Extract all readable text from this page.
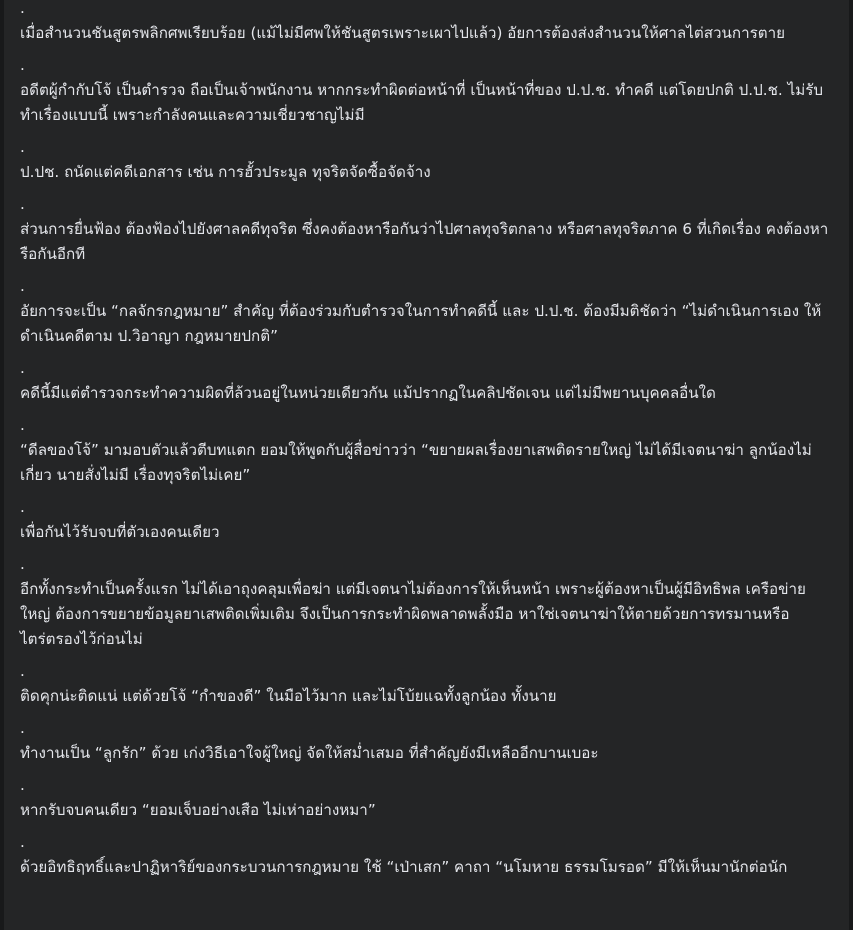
.
เมื่อสำนวนชันสูตรพลิกศพเรียบร้อย (แม้ไม่มีศพให้ชันสูตรเพราะเผาไปแล้ว) อัยการต้องส่งสำนวนให้ศาลไต่สวนการตาย
.
อดีตผู้กำกับโจ้ เป็นตำรวจ ถือเป็นเจ้าพนักงาน หากกระทำผิดต่อหน้าที่ เป็นหน้าที่ของ ป.ป.ช. ทำคดี แต่โดยปกติ ป.ป.ช. ไม่รับทำเรื่องแบบนี้ เพราะกำลังคนและความเชี่ยวชาญไม่มี
.
ป.ปช. ถนัดแต่คดีเอกสาร เช่น การฮั้วประมูล ทุจริตจัดซื้อจัดจ้าง
.
ส่วนการยื่นฟ้อง ต้องฟ้องไปยังศาลคดีทุจริต ซึ่งคงต้องหารือกันว่าไปศาลทุจริตกลาง หรือศาลทุจริตภาค 6 ที่เกิดเรื่อง คงต้องหารือกันอีกที
.
อัยการจะเป็น “กลจักรกฎหมาย” สำคัญ ที่ต้องร่วมกับตำรวจในการทำคดีนี้ และ ป.ป.ช. ต้องมีมติชัดว่า “ไม่ดำเนินการเอง ให้ดำเนินคดีตาม ป.วิอาญา กฎหมายปกติ”
.
คดีนี้มีแต่ตำรวจกระทำความผิดที่ล้วนอยู่ในหน่วยเดียวกัน แม้ปรากฏในคลิปชัดเจน แต่ไม่มีพยานบุคคลอื่นใด
.
“ดีลของโจ้” มามอบตัวแล้วตีบทแตก ยอมให้พูดกับผู้สื่อข่าวว่า “ขยายผลเรื่องยาเสพติดรายใหญ่ ไม่ได้มีเจตนาฆ่า ลูกน้องไม่เกี่ยว นายสั่งไม่มี เรื่องทุจริตไม่เคย”
.
เพื่อกันไว้รับจบที่ตัวเองคนเดียว
.
อีกทั้งกระทำเป็นครั้งแรก ไม่ได้เอาถุงคลุมเพื่อฆ่า แต่มีเจตนาไม่ต้องการให้เห็นหน้า เพราะผู้ต้องหาเป็นผู้มีอิทธิพล เครือข่ายใหญ่ ต้องการขยายข้อมูลยาเสพติดเพิ่มเติม จึงเป็นการกระทำผิดพลาดพลั้งมือ หาใช่เจตนาฆ่าให้ตายด้วยการทรมานหรือไตร่ตรองไว้ก่อนไม่
.
ติดคุกน่ะติดแน่ แต่ด้วยโจ้ “กำของดี” ในมือไว้มาก และไม่โบ้ยแฉทั้งลูกน้อง ทั้งนาย
.
ทำงานเป็น “ลูกรัก” ด้วย เก่งวิธีเอาใจผู้ใหญ่ จัดให้สม่ำเสมอ ที่สำคัญยังมีเหลืออีกบานเบอะ
.
หากรับจบคนเดียว “ยอมเจ็บอย่างเสือ ไม่เห่าอย่างหมา”
.
ด้วยอิทธิฤทธิ์และปาฏิหาริย์ของกระบวนการกฎหมาย ใช้ “เป่าเสก” คาถา “นโมหาย ธรรมโมรอด” มีให้เห็นมานักต่อนัก
